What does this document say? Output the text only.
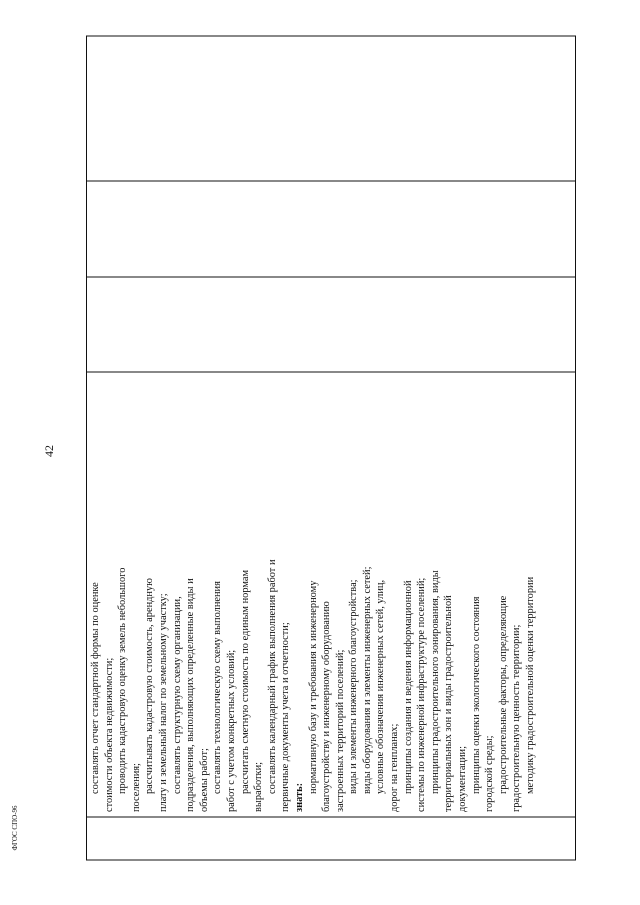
42

составлять отчет стандартной формы по оценке стоимости объекта недвижимости; проводить кадастровую оценку земель небольшого поселения; рассчитывать кадастровую стоимость, арендную плату и земельный налог по земельному участку; составлять структурную схему организации, подразделения, выполняющих определенные виды и объемы работ; составлять технологическую схему выполнения работ с учетом конкретных условий; рассчитать сметную стоимость по единым нормам выработки; составлять календарный график выполнения работ и первичные документы учета и отчетности; знать:
нормативную базу и требования к инженерному благоустройству и инженерному оборудованию застроенных территорий поселений; виды и элементы инженерного благоустройства; виды оборудования и элементы инженерных сетей; условные обозначения инженерных сетей, улиц, дорог на генпланах; принципы создания и ведения информационной системы по инженерной инфраструктуре поселений; принципы градостроительного зонирования, виды территориальных зон и виды градостроительной документации; принципы оценки экологического состояния городской среды; градостроительные факторы, определяющие градостроительную ценность территории; методику градостроительной оценки территории

ФГОС СПО-96
